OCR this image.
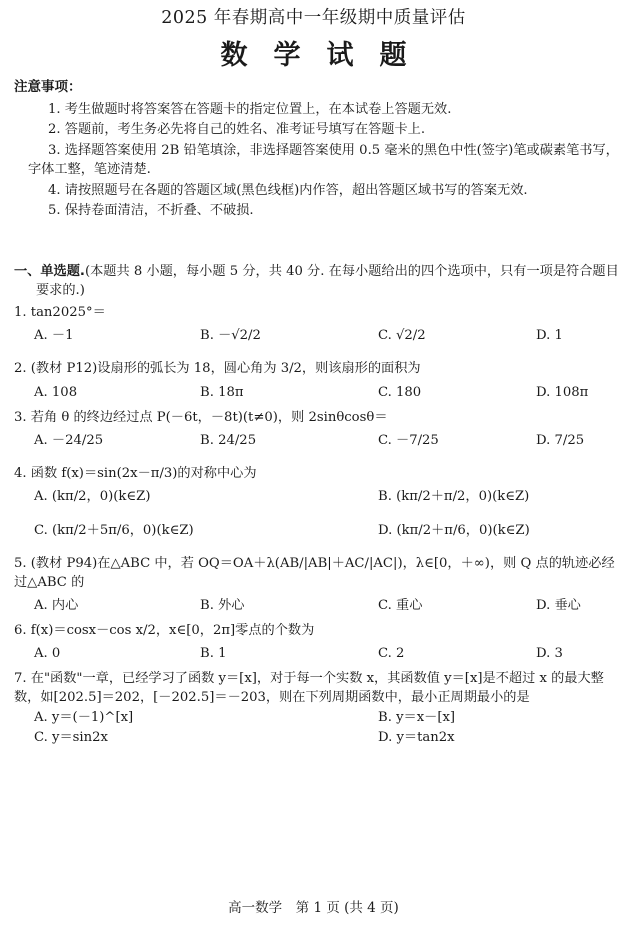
2025 年春期高中一年级期中质量评估
数学试题
注意事项：
1. 考生做题时将答案答在答题卡的指定位置上，在本试卷上答题无效.
2. 答题前，考生务必先将自己的姓名、准考证号填写在答题卡上.
3. 选择题答案使用 2B 铅笔填涂，非选择题答案使用 0.5 毫米的黑色中性(签字)笔或碳素笔书写，字体工整，笔迹清楚.
4. 请按照题号在各题的答题区域(黑色线框)内作答，超出答题区域书写的答案无效.
5. 保持卷面清洁，不折叠、不破损.
一、单选题.(本题共 8 小题，每小题 5 分，共 40 分. 在每小题给出的四个选项中，只有一项是符合题目要求的.)
1. tan2025°＝
A. －1	B. －√2/2	C. √2/2	D. 1
2. (教材 P12)设扇形的弧长为 18，圆心角为 3/2，则该扇形的面积为
A. 108	B. 18π	C. 180	D. 108π
3. 若角 θ 的终边经过点 P(－6t，－8t)(t≠0)，则 2sinθcosθ＝
A. －24/25	B. 24/25	C. －7/25	D. 7/25
4. 函数 f(x)＝sin(2x－π/3)的对称中心为
A. (kπ/2，0)(k∈Z)	B. (kπ/2＋π/2，0)(k∈Z)
C. (kπ/2＋5π/6，0)(k∈Z)	D. (kπ/2＋π/6，0)(k∈Z)
5. (教材 P94)在△ABC 中，若 OQ＝OA＋λ(AB/|AB|＋AC/|AC|)，λ∈[0，＋∞)，则 Q 点的轨迹必经过△ABC 的
A. 内心	B. 外心	C. 重心	D. 垂心
6. f(x)＝cosx－cos x/2，x∈[0，2π]零点的个数为
A. 0	B. 1	C. 2	D. 3
7. 在"函数"一章，已经学习了函数 y＝[x]，对于每一个实数 x，其函数值 y＝[x]是不超过 x 的最大整数，如[202.5]＝202，[－202.5]＝－203，则在下列周期函数中，最小正周期最小的是
A. y＝(－1)^[x]	B. y＝x－[x]
C. y＝sin2x	D. y＝tan2x
高一数学　第 1 页 (共 4 页)
